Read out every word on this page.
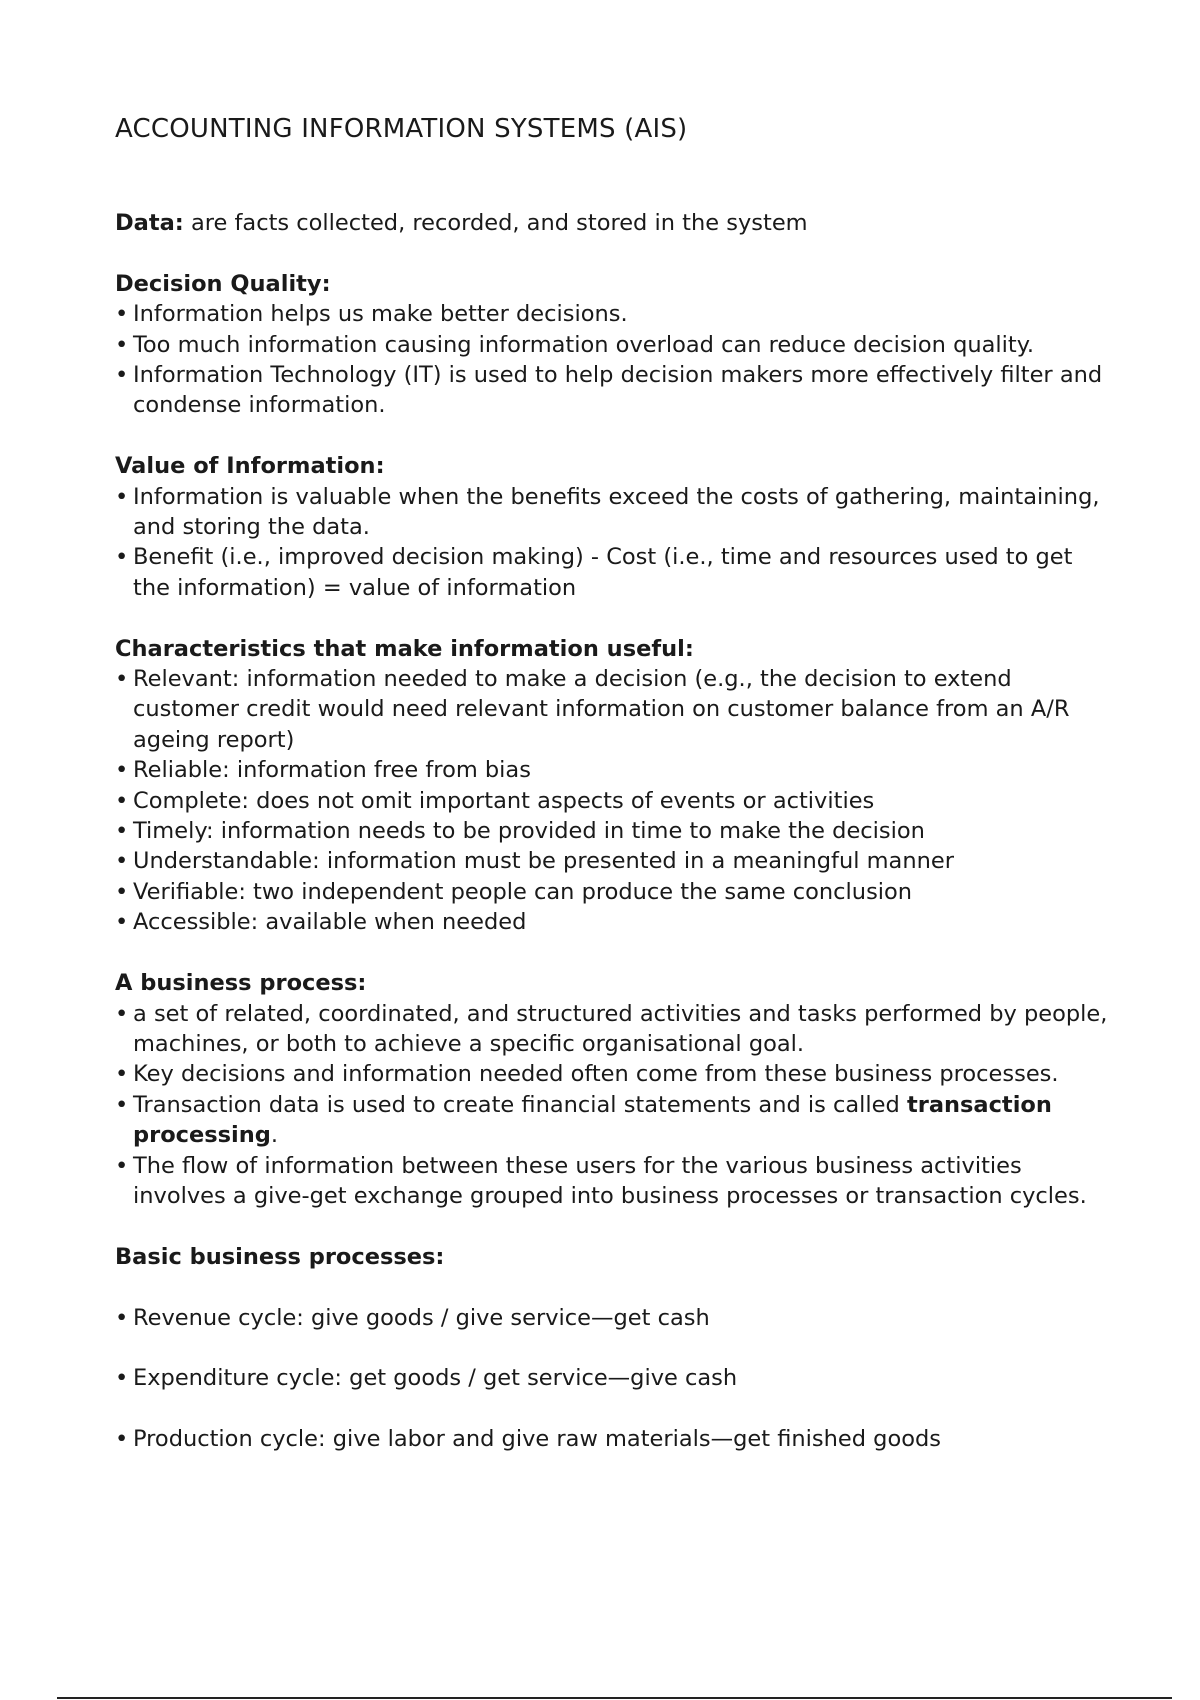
ACCOUNTING INFORMATION SYSTEMS (AIS)

Data: are facts collected, recorded, and stored in the system

Decision Quality:

• Information helps us make better decisions.
• Too much information causing information overload can reduce decision quality.
• Information Technology (IT) is used to help decision makers more effectively filter and condense information.

Value of Information:

• Information is valuable when the benefits exceed the costs of gathering, maintaining, and storing the data.
• Benefit (i.e., improved decision making) - Cost (i.e., time and resources used to get the information) = value of information

Characteristics that make information useful:

• Relevant: information needed to make a decision (e.g., the decision to extend customer credit would need relevant information on customer balance from an A/R ageing report)
• Reliable: information free from bias
• Complete: does not omit important aspects of events or activities
• Timely: information needs to be provided in time to make the decision
• Understandable: information must be presented in a meaningful manner
• Verifiable: two independent people can produce the same conclusion
• Accessible: available when needed

A business process:

• a set of related, coordinated, and structured activities and tasks performed by people, machines, or both to achieve a specific organisational goal.
• Key decisions and information needed often come from these business processes.
• Transaction data is used to create financial statements and is called transaction processing.
• The flow of information between these users for the various business activities involves a give-get exchange grouped into business processes or transaction cycles.

Basic business processes:

• Revenue cycle: give goods / give service—get cash
• Expenditure cycle: get goods / get service—give cash
• Production cycle: give labor and give raw materials—get finished goods
